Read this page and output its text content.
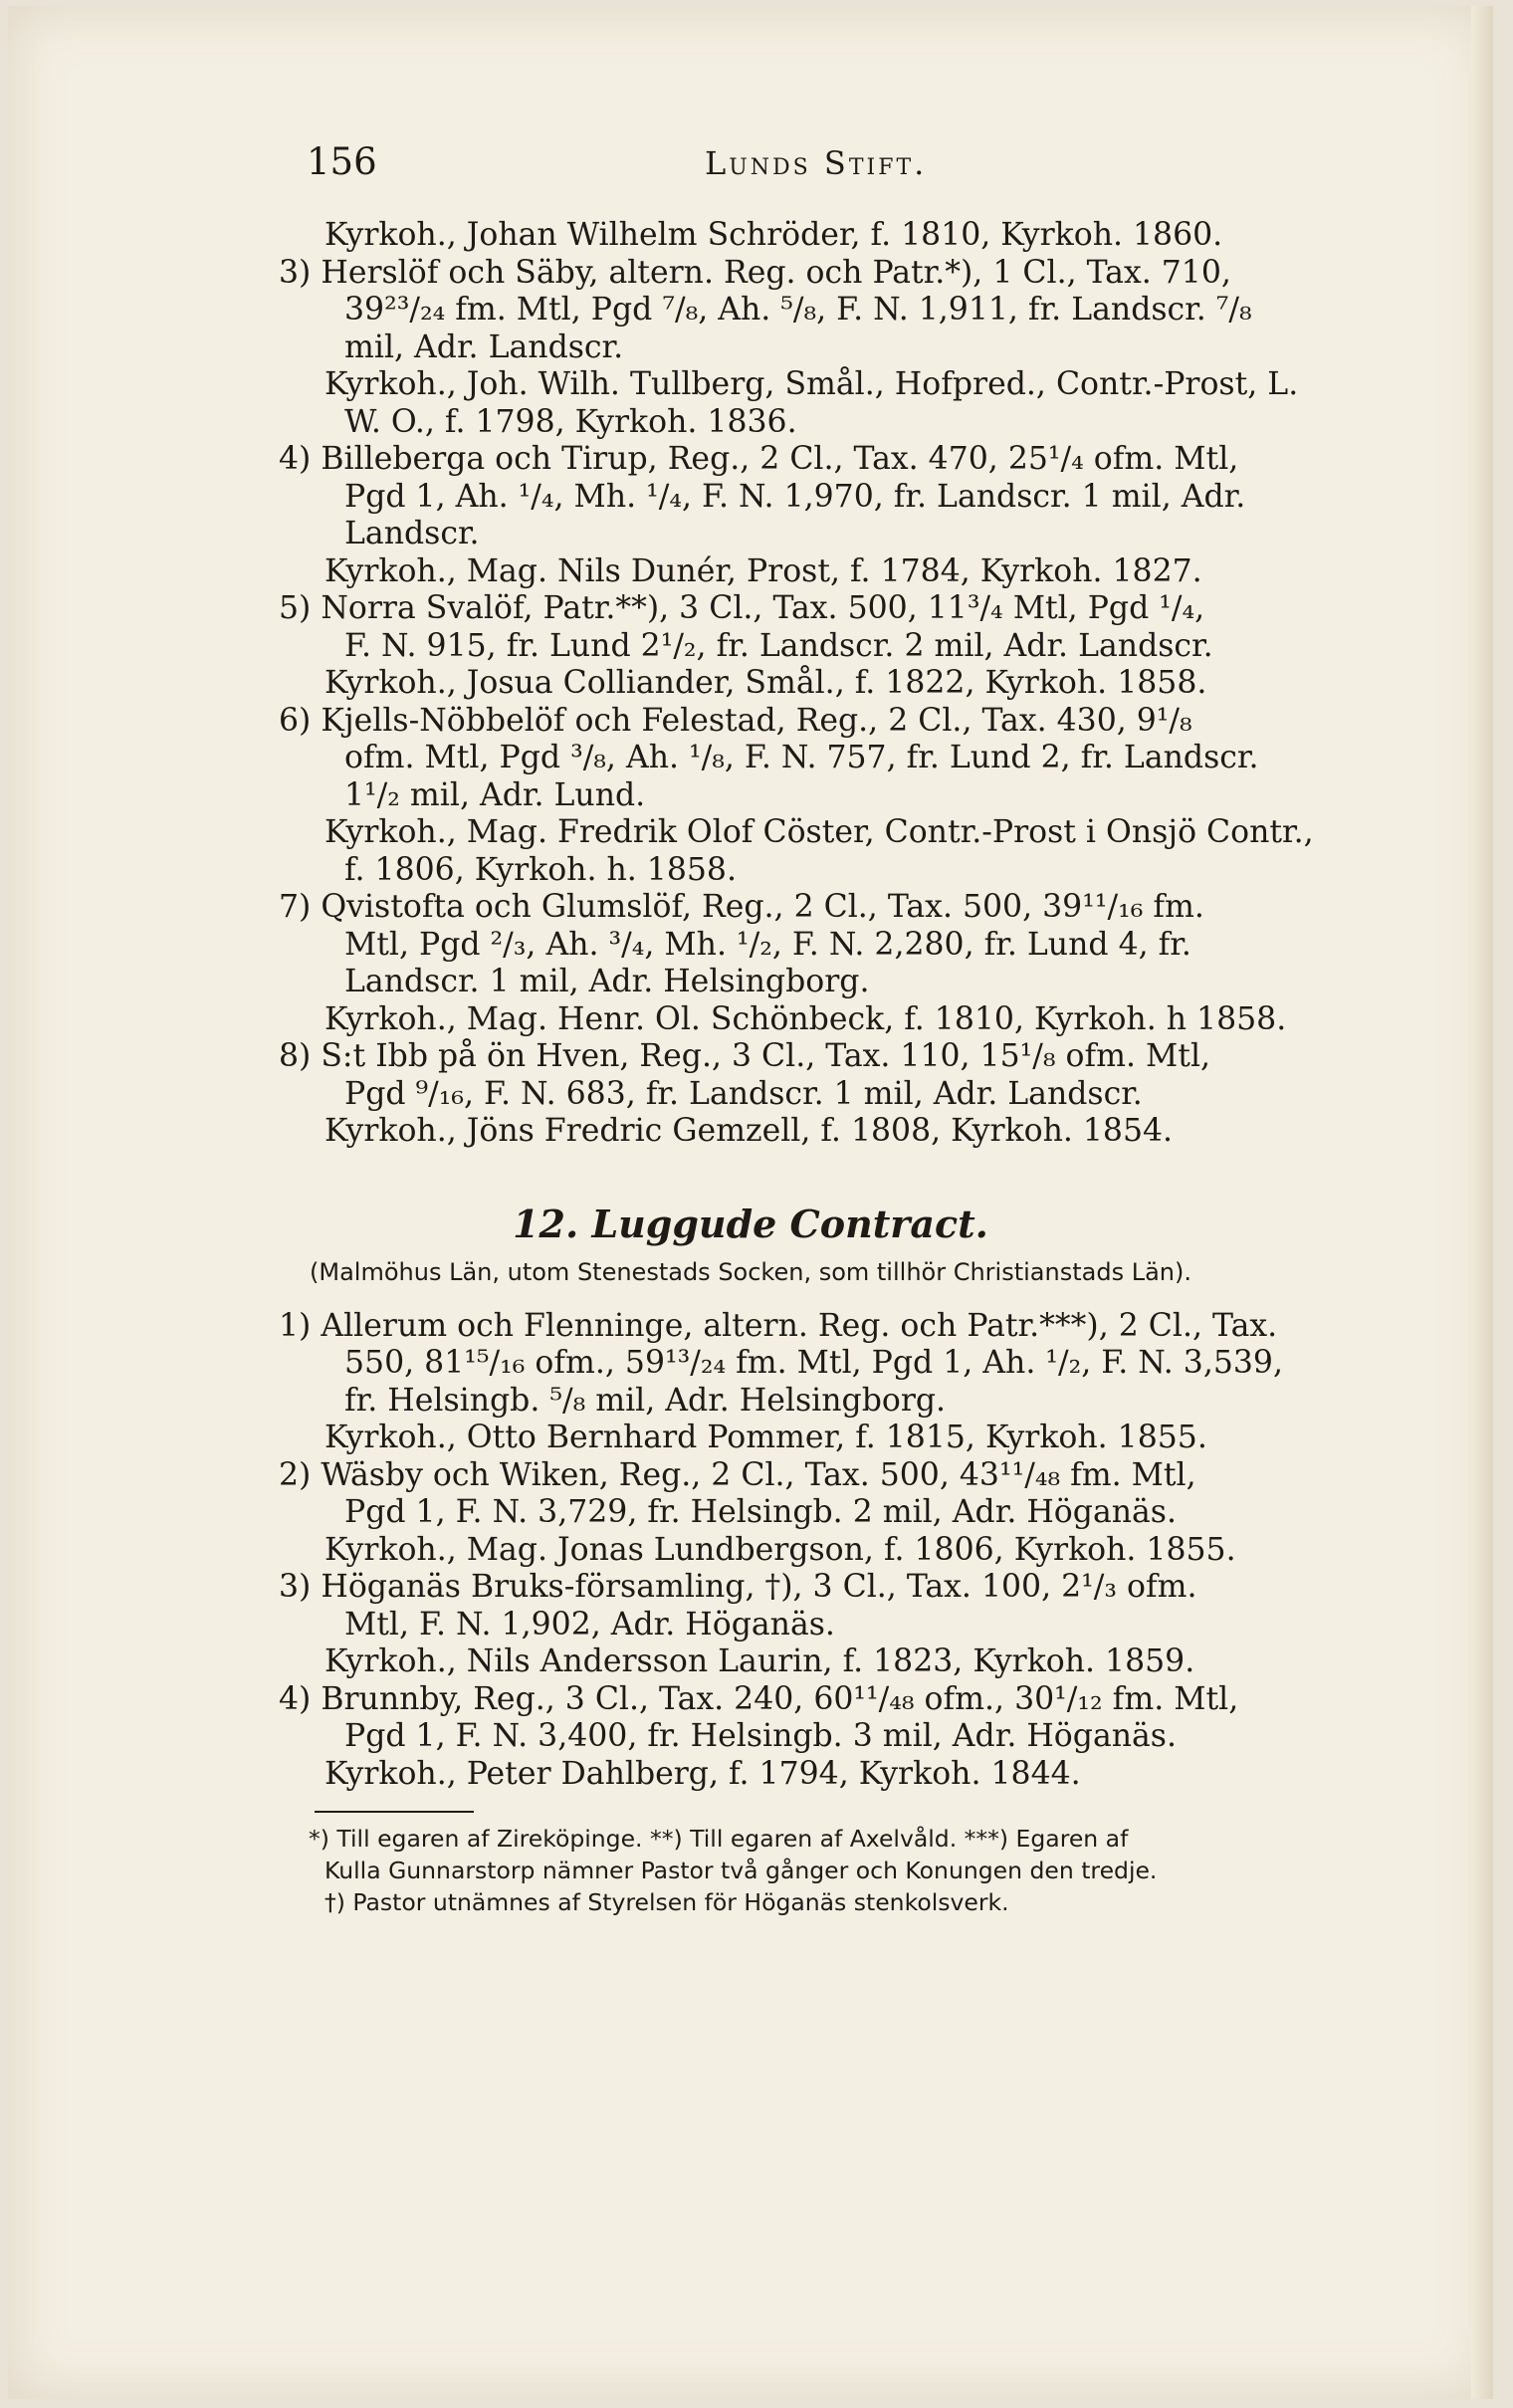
156	Lunds Stift.
Kyrkoh., Johan Wilhelm Schröder, f. 1810, Kyrkoh. 1860.
3) Herslöf och Säby, altern. Reg. och Patr.*), 1 Cl., Tax. 710,
39²³/₂₄ fm. Mtl, Pgd ⁷/₈, Ah. ⁵/₈, F. N. 1,911, fr. Landscr. ⁷/₈
mil, Adr. Landscr.
Kyrkoh., Joh. Wilh. Tullberg, Smål., Hofpred., Contr.-Prost, L.
W. O., f. 1798, Kyrkoh. 1836.
4) Billeberga och Tirup, Reg., 2 Cl., Tax. 470, 25¹/₄ ofm. Mtl,
Pgd 1, Ah. ¹/₄, Mh. ¹/₄, F. N. 1,970, fr. Landscr. 1 mil, Adr.
Landscr.
Kyrkoh., Mag. Nils Dunér, Prost, f. 1784, Kyrkoh. 1827.
5) Norra Svalöf, Patr.**), 3 Cl., Tax. 500, 11³/₄ Mtl, Pgd ¹/₄,
F. N. 915, fr. Lund 2¹/₂, fr. Landscr. 2 mil, Adr. Landscr.
Kyrkoh., Josua Colliander, Smål., f. 1822, Kyrkoh. 1858.
6) Kjells-Nöbbelöf och Felestad, Reg., 2 Cl., Tax. 430, 9¹/₈
ofm. Mtl, Pgd ³/₈, Ah. ¹/₈, F. N. 757, fr. Lund 2, fr. Landscr.
1¹/₂ mil, Adr. Lund.
Kyrkoh., Mag. Fredrik Olof Cöster, Contr.-Prost i Onsjö Contr.,
f. 1806, Kyrkoh. h. 1858.
7) Qvistofta och Glumslöf, Reg., 2 Cl., Tax. 500, 39¹¹/₁₆ fm.
Mtl, Pgd ²/₃, Ah. ³/₄, Mh. ¹/₂, F. N. 2,280, fr. Lund 4, fr.
Landscr. 1 mil, Adr. Helsingborg.
Kyrkoh., Mag. Henr. Ol. Schönbeck, f. 1810, Kyrkoh. h 1858.
8) S:t Ibb på ön Hven, Reg., 3 Cl., Tax. 110, 15¹/₈ ofm. Mtl,
Pgd ⁹/₁₆, F. N. 683, fr. Landscr. 1 mil, Adr. Landscr.
Kyrkoh., Jöns Fredric Gemzell, f. 1808, Kyrkoh. 1854.
12. Luggude Contract.
(Malmöhus Län, utom Stenestads Socken, som tillhör Christianstads Län).
1) Allerum och Flenninge, altern. Reg. och Patr.***), 2 Cl., Tax.
550, 81¹⁵/₁₆ ofm., 59¹³/₂₄ fm. Mtl, Pgd 1, Ah. ¹/₂, F. N. 3,539,
fr. Helsingb. ⁵/₈ mil, Adr. Helsingborg.
Kyrkoh., Otto Bernhard Pommer, f. 1815, Kyrkoh. 1855.
2) Wäsby och Wiken, Reg., 2 Cl., Tax. 500, 43¹¹/₄₈ fm. Mtl,
Pgd 1, F. N. 3,729, fr. Helsingb. 2 mil, Adr. Höganäs.
Kyrkoh., Mag. Jonas Lundbergson, f. 1806, Kyrkoh. 1855.
3) Höganäs Bruks-församling, †), 3 Cl., Tax. 100, 2¹/₃ ofm.
Mtl, F. N. 1,902, Adr. Höganäs.
Kyrkoh., Nils Andersson Laurin, f. 1823, Kyrkoh. 1859.
4) Brunnby, Reg., 3 Cl., Tax. 240, 60¹¹/₄₈ ofm., 30¹/₁₂ fm. Mtl,
Pgd 1, F. N. 3,400, fr. Helsingb. 3 mil, Adr. Höganäs.
Kyrkoh., Peter Dahlberg, f. 1794, Kyrkoh. 1844.
*) Till egaren af Zireköpinge. **) Till egaren af Axelvåld. ***) Egaren af
Kulla Gunnarstorp nämner Pastor två gånger och Konungen den tredje.
†) Pastor utnämnes af Styrelsen för Höganäs stenkolsverk.
